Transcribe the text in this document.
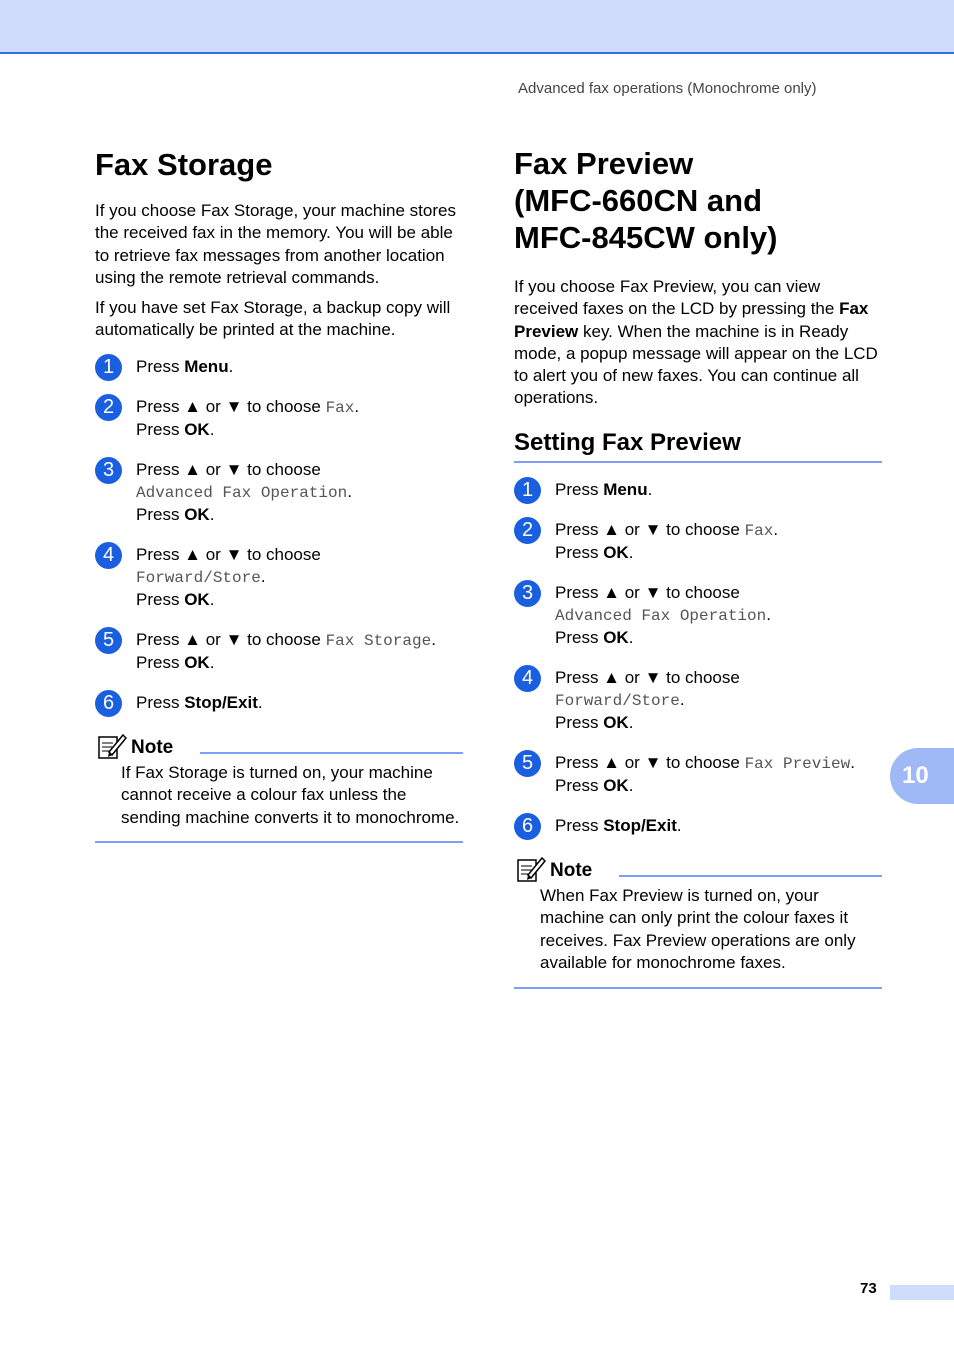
Advanced fax operations (Monochrome only)
Fax Storage

If you choose Fax Storage, your machine stores the received fax in the memory. You will be able to retrieve fax messages from another location using the remote retrieval commands.

If you have set Fax Storage, a backup copy will automatically be printed at the machine.

1	Press Menu.
2	Press ▲ or ▼ to choose Fax.
Press OK.
3	Press ▲ or ▼ to choose
Advanced Fax Operation.
Press OK.
4	Press ▲ or ▼ to choose
Forward/Store.
Press OK.
5	Press ▲ or ▼ to choose Fax Storage.
Press OK.
6	Press Stop/Exit.
Note
If Fax Storage is turned on, your machine cannot receive a colour fax unless the sending machine converts it to monochrome.
Fax Preview
(MFC-660CN and
MFC-845CW only)

If you choose Fax Preview, you can view received faxes on the LCD by pressing the Fax Preview key. When the machine is in Ready mode, a popup message will appear on the LCD to alert you of new faxes. You can continue all operations.

Setting Fax Preview
1	Press Menu.
2	Press ▲ or ▼ to choose Fax.
Press OK.
3	Press ▲ or ▼ to choose
Advanced Fax Operation.
Press OK.
4	Press ▲ or ▼ to choose
Forward/Store.
Press OK.
5	Press ▲ or ▼ to choose Fax Preview.
Press OK.
6	Press Stop/Exit.
Note
When Fax Preview is turned on, your machine can only print the colour faxes it receives. Fax Preview operations are only available for monochrome faxes.
10
73
